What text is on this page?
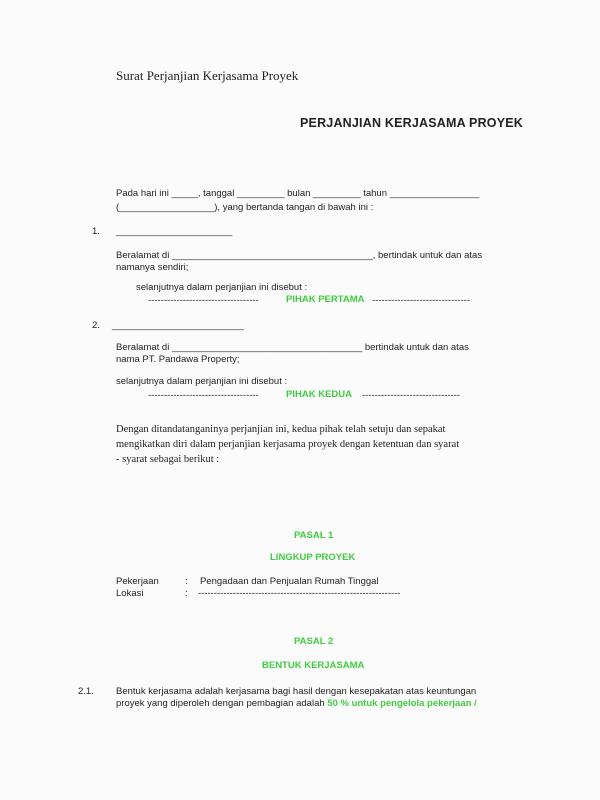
Surat Perjanjian Kerjasama Proyek
PERJANJIAN KERJASAMA PROYEK
Pada hari ini _____, tanggal _________ bulan _________ tahun _________________
(__________________), yang bertanda tangan di bawah ini :
1. ______________________
Beralamat di ______________________________________, bertindak untuk dan atas
namanya sendiri;
selanjutnya dalam perjanjian ini disebut :
-----------------------------------	PIHAK PERTAMA -------------------------------
2. _________________________
Beralamat di ____________________________________ bertindak untuk dan atas
nama PT. Pandawa Property;
selanjutnya dalam perjanjian ini disebut :
-----------------------------------	PIHAK KEDUA -------------------------------
Dengan ditandatanganinya perjanjian ini, kedua pihak telah setuju dan sepakat
mengikatkan diri dalam perjanjian kerjasama proyek dengan ketentuan dan syarat
- syarat sebagai berikut :
PASAL 1
LINGKUP PROYEK
Pekerjaan	: Pengadaan dan Penjualan Rumah Tinggal
Lokasi	: ----------------------------------------------------------------
PASAL 2
BENTUK KERJASAMA
2.1. Bentuk kerjasama adalah kerjasama bagi hasil dengan kesepakatan atas keuntungan
proyek yang diperoleh dengan pembagian adalah 50 % untuk pengelola pekerjaan /
